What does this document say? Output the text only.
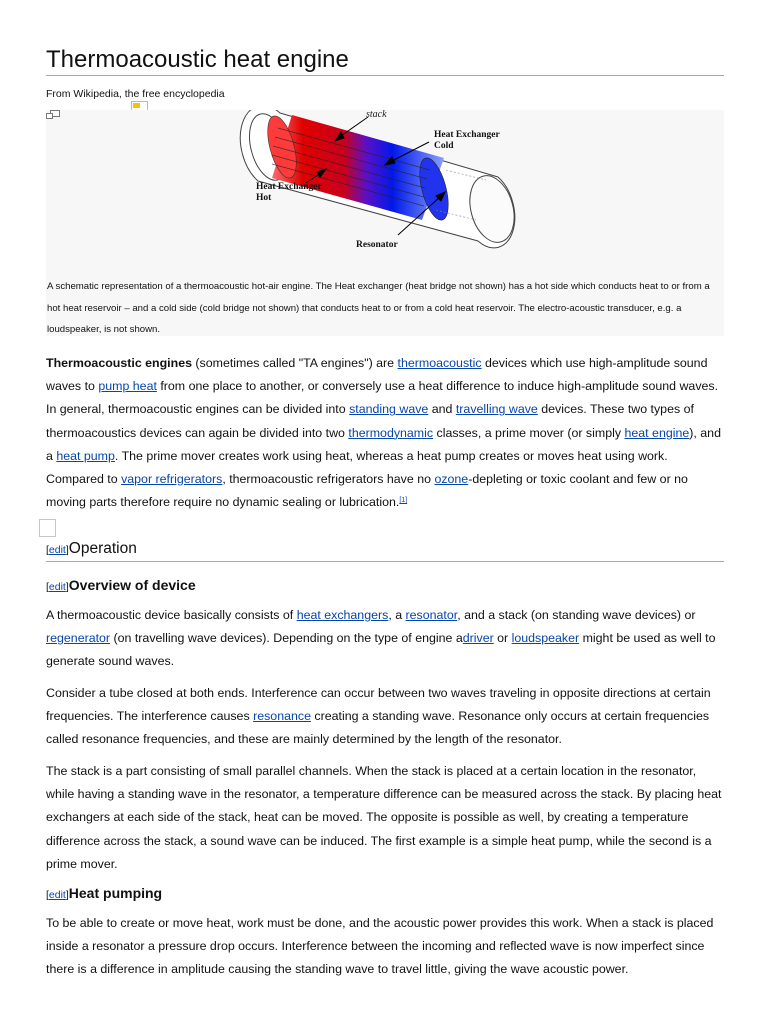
Thermoacoustic heat engine
From Wikipedia, the free encyclopedia
stack
Heat Exchanger
Cold
Heat Exchanger
Hot
Resonator
A schematic representation of a thermoacoustic hot-air engine. The Heat exchanger (heat bridge not shown) has a hot side which conducts heat to or from a hot heat reservoir – and a cold side (cold bridge not shown) that conducts heat to or from a cold heat reservoir. The electro-acoustic transducer, e.g. a loudspeaker, is not shown.

Thermoacoustic engines (sometimes called "TA engines") are thermoacoustic devices which use high-amplitude sound waves to pump heat from one place to another, or conversely use a heat difference to induce high-amplitude sound waves. In general, thermoacoustic engines can be divided into standing wave and travelling wave devices. These two types of thermoacoustics devices can again be divided into two thermodynamic classes, a prime mover (or simply heat engine), and a heat pump. The prime mover creates work using heat, whereas a heat pump creates or moves heat using work. Compared to vapor refrigerators, thermoacoustic refrigerators have no ozone-depleting or toxic coolant and few or no moving parts therefore require no dynamic sealing or lubrication.[1]

[edit]Operation
[edit]Overview of device

A thermoacoustic device basically consists of heat exchangers, a resonator, and a stack (on standing wave devices) or regenerator (on travelling wave devices). Depending on the type of engine adriver or loudspeaker might be used as well to generate sound waves.

Consider a tube closed at both ends. Interference can occur between two waves traveling in opposite directions at certain frequencies. The interference causes resonance creating a standing wave. Resonance only occurs at certain frequencies called resonance frequencies, and these are mainly determined by the length of the resonator.

The stack is a part consisting of small parallel channels. When the stack is placed at a certain location in the resonator, while having a standing wave in the resonator, a temperature difference can be measured across the stack. By placing heat exchangers at each side of the stack, heat can be moved. The opposite is possible as well, by creating a temperature difference across the stack, a sound wave can be induced. The first example is a simple heat pump, while the second is a prime mover.

[edit]Heat pumping

To be able to create or move heat, work must be done, and the acoustic power provides this work. When a stack is placed inside a resonator a pressure drop occurs. Interference between the incoming and reflected wave is now imperfect since there is a difference in amplitude causing the standing wave to travel little, giving the wave acoustic power.
